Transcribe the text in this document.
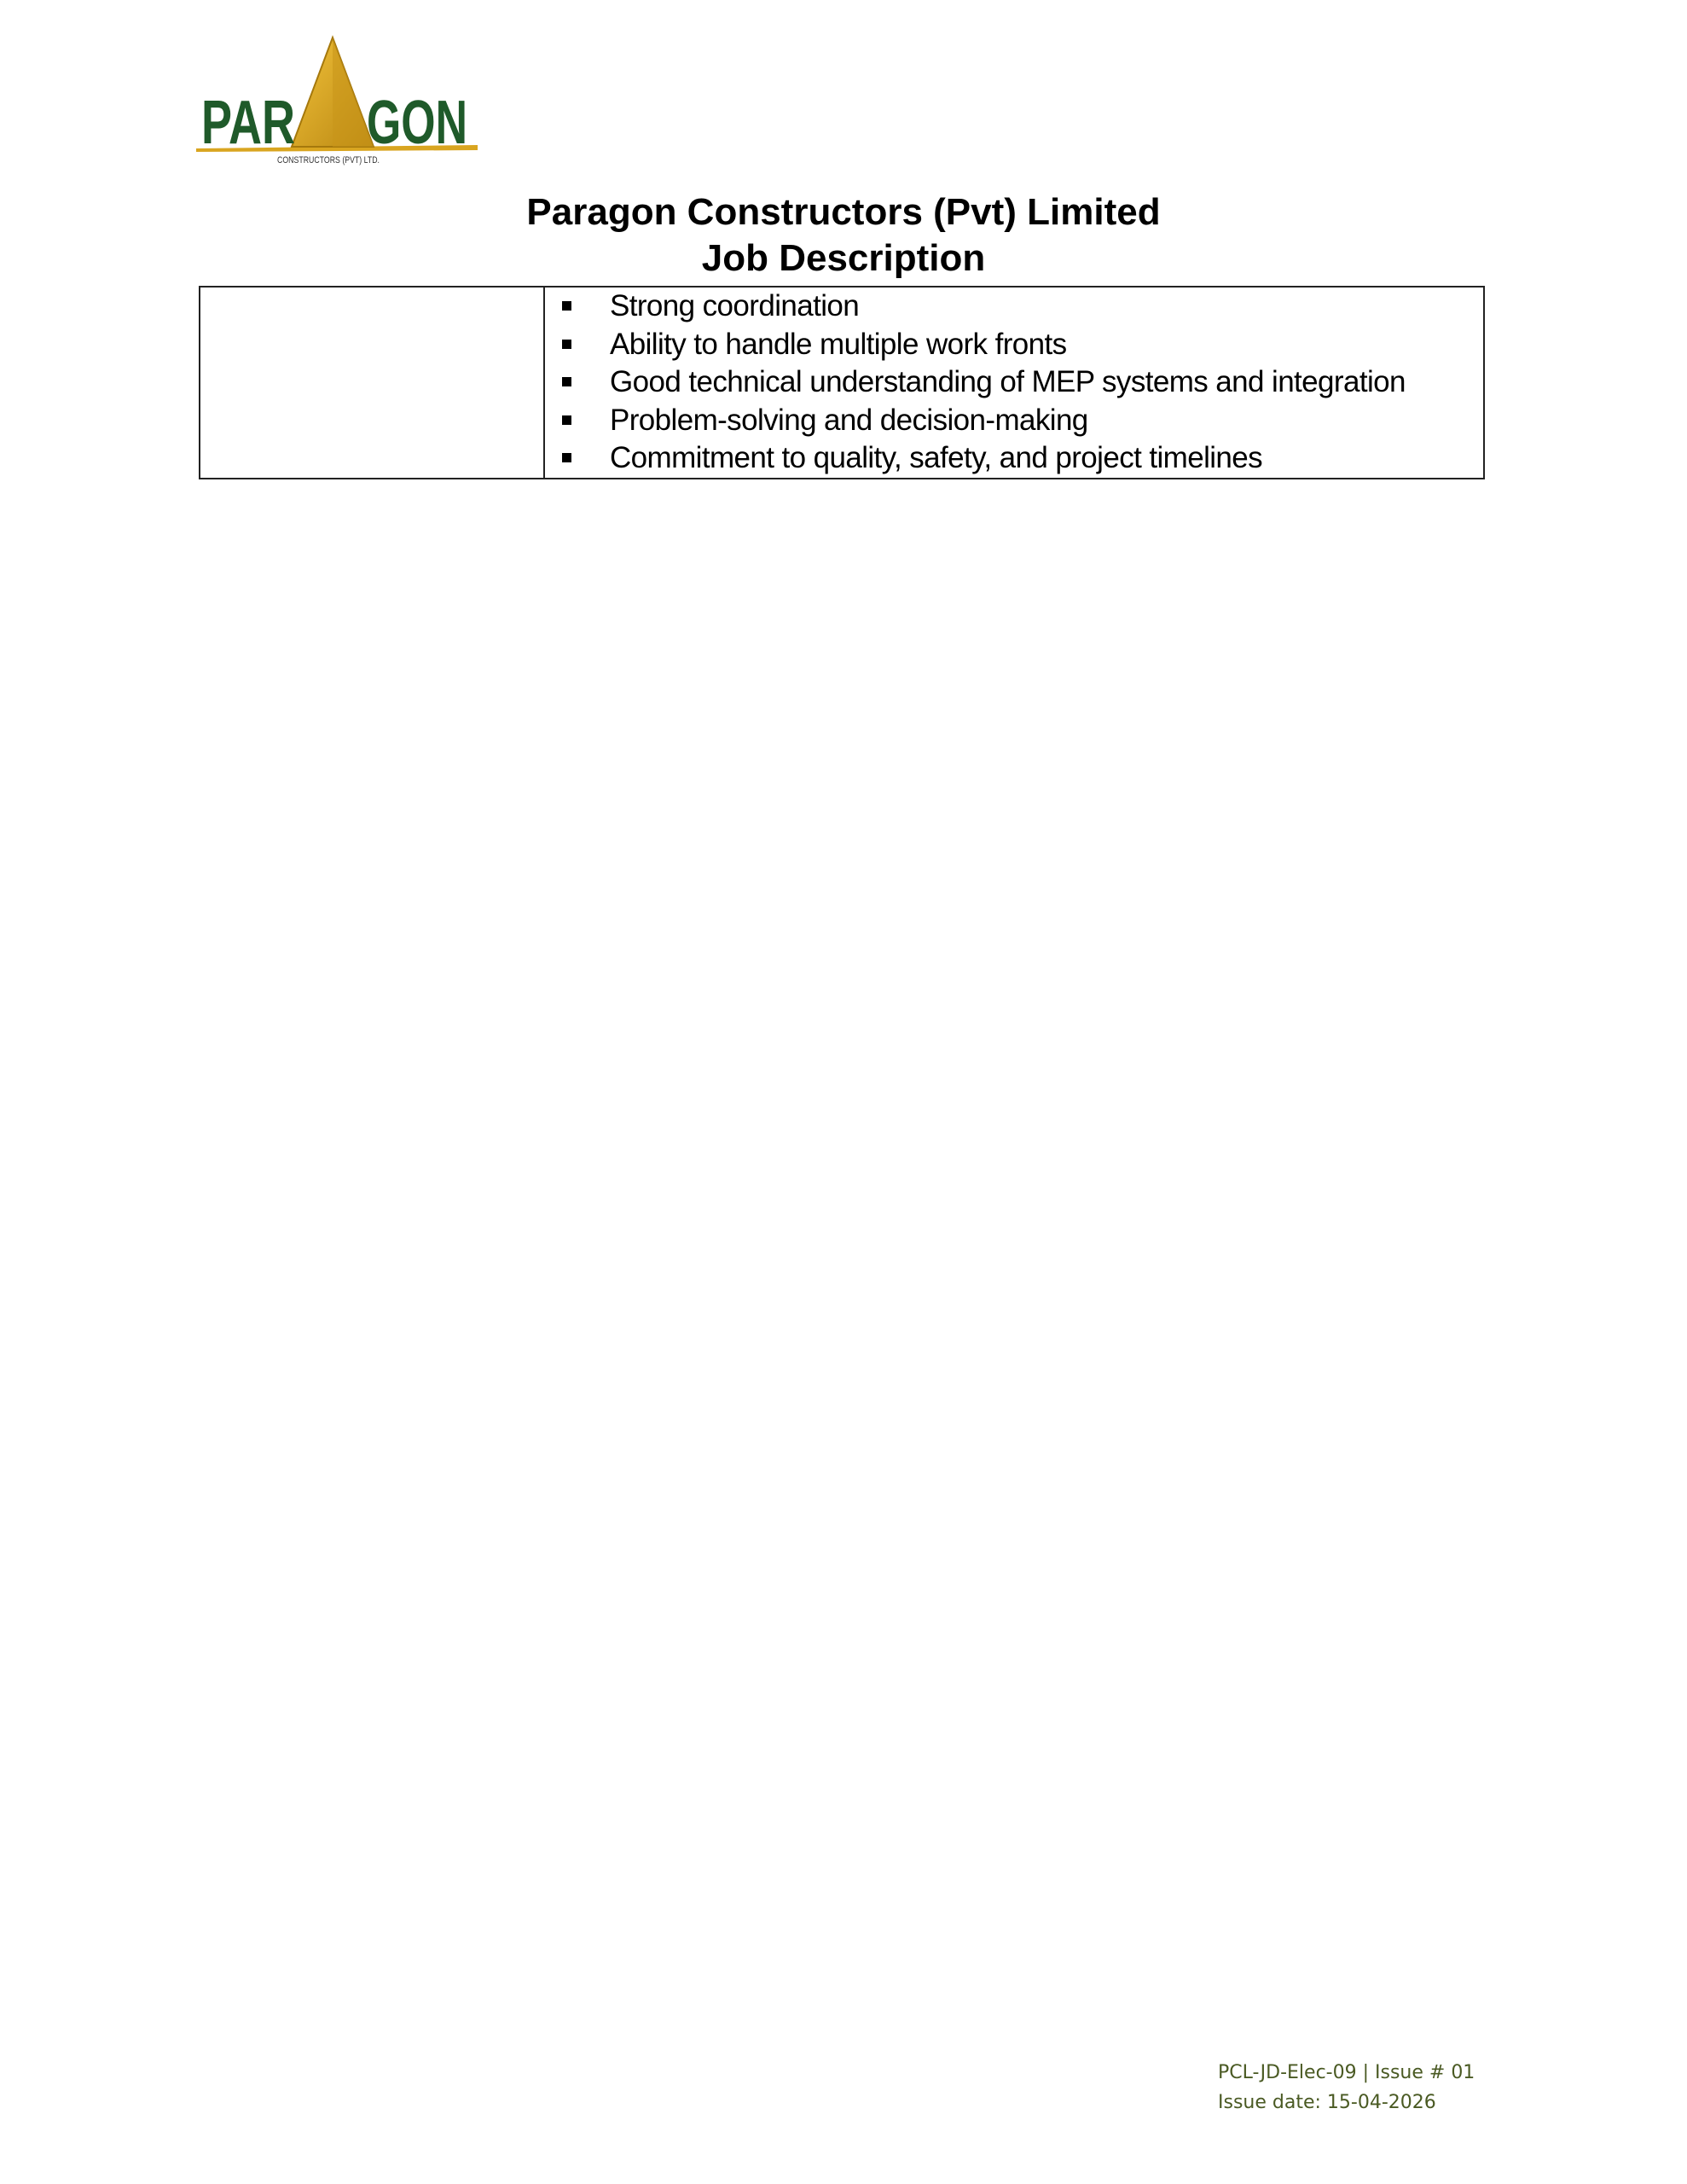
PAR GON
CONSTRUCTORS (PVT) LTD.

Paragon Constructors (Pvt) Limited

Job Description

Strong coordination
Ability to handle multiple work fronts
Good technical understanding of MEP systems and integration
Problem-solving and decision-making
Commitment to quality, safety, and project timelines
PCL-JD-Elec-09 | Issue # 01
Issue date: 15-04-2026
